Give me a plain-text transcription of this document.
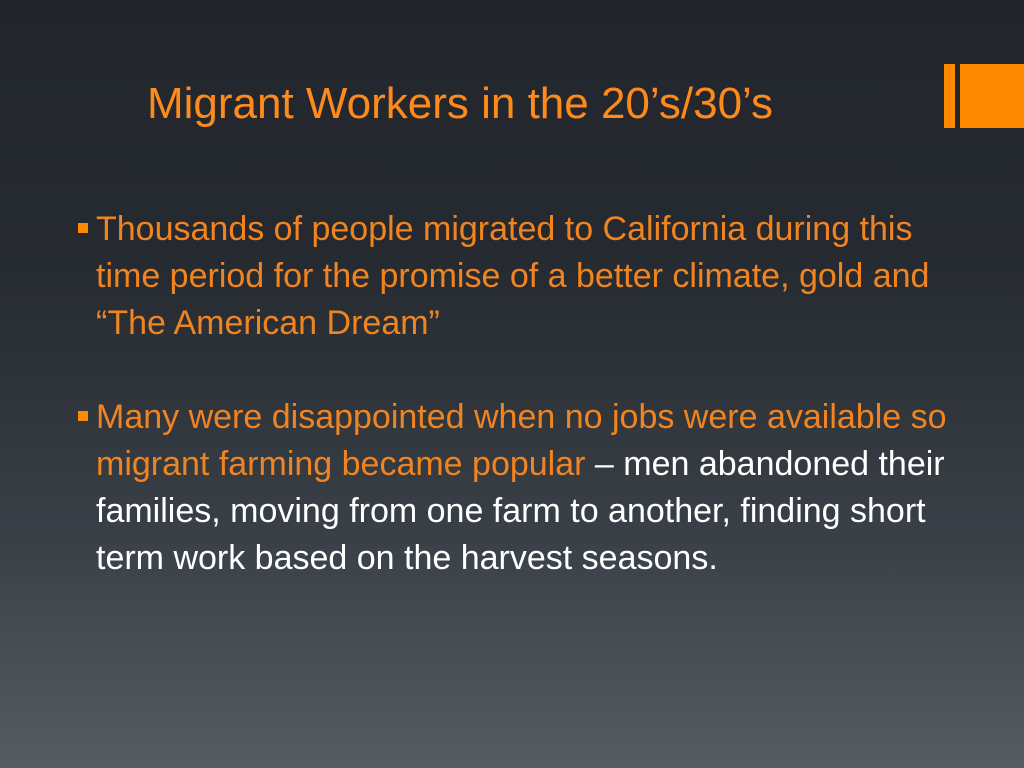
Migrant Workers in the 20’s/30’s
Thousands of people migrated to California during this time period for the promise of a better climate, gold and “The American Dream”
Many were disappointed when no jobs were available so migrant farming became popular – men abandoned their families, moving from one farm to another, finding short term work based on the harvest seasons.
